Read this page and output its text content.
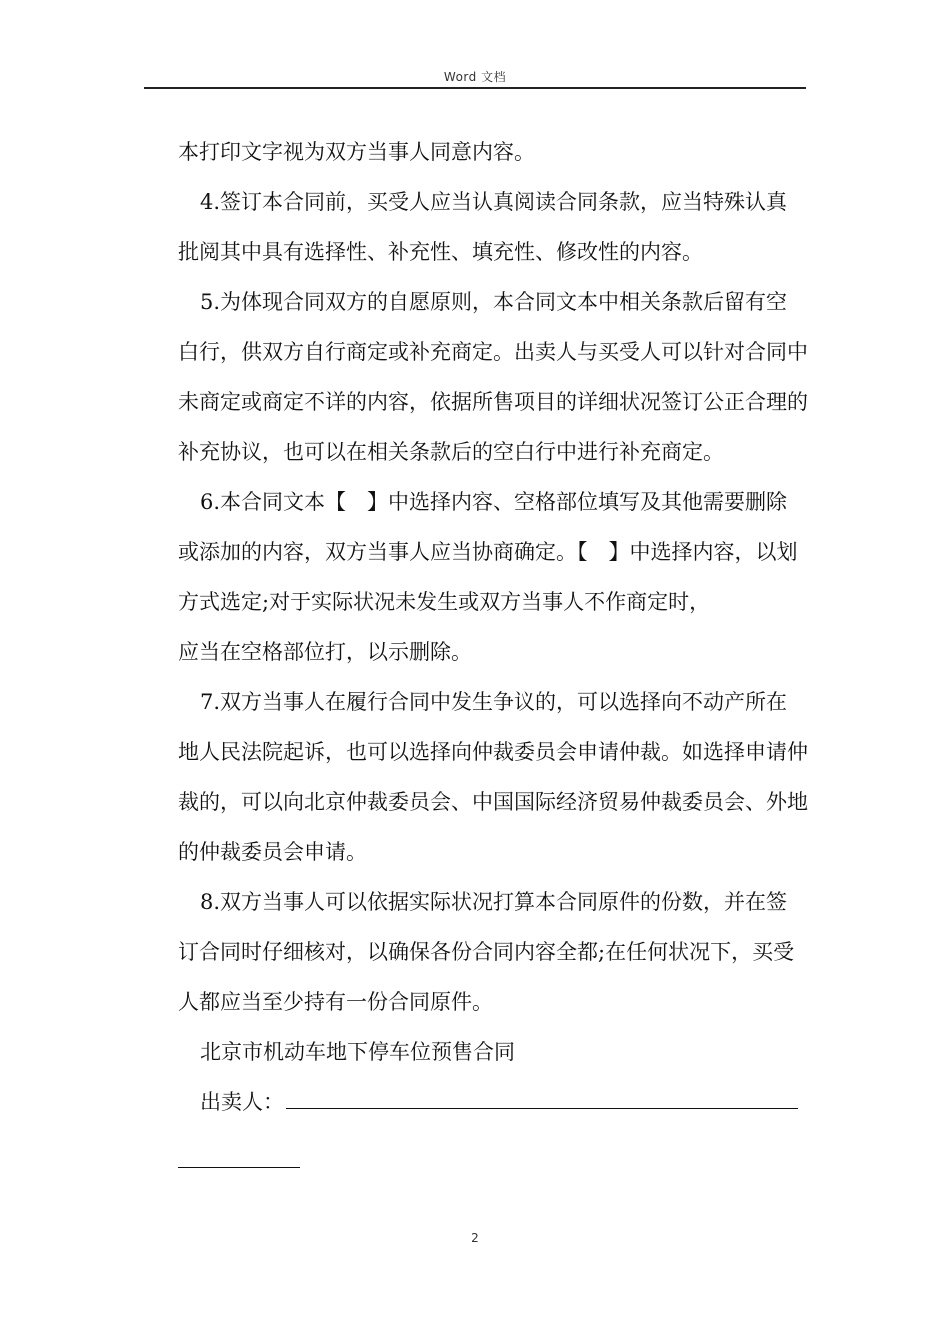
Word 文档

本打印文字视为双方当事人同意内容。

4.签订本合同前，买受人应当认真阅读合同条款，应当特殊认真批阅其中具有选择性、补充性、填充性、修改性的内容。

5.为体现合同双方的自愿原则，本合同文本中相关条款后留有空白行，供双方自行商定或补充商定。出卖人与买受人可以针对合同中未商定或商定不详的内容，依据所售项目的详细状况签订公正合理的补充协议，也可以在相关条款后的空白行中进行补充商定。

6.本合同文本【　】中选择内容、空格部位填写及其他需要删除或添加的内容，双方当事人应当协商确定。【　】中选择内容，以划方式选定;对于实际状况未发生或双方当事人不作商定时，

应当在空格部位打，以示删除。

7.双方当事人在履行合同中发生争议的，可以选择向不动产所在地人民法院起诉，也可以选择向仲裁委员会申请仲裁。如选择申请仲裁的，可以向北京仲裁委员会、中国国际经济贸易仲裁委员会、外地的仲裁委员会申请。

8.双方当事人可以依据实际状况打算本合同原件的份数，并在签订合同时仔细核对，以确保各份合同内容全都;在任何状况下，买受人都应当至少持有一份合同原件。

北京市机动车地下停车位预售合同

出卖人：

2
